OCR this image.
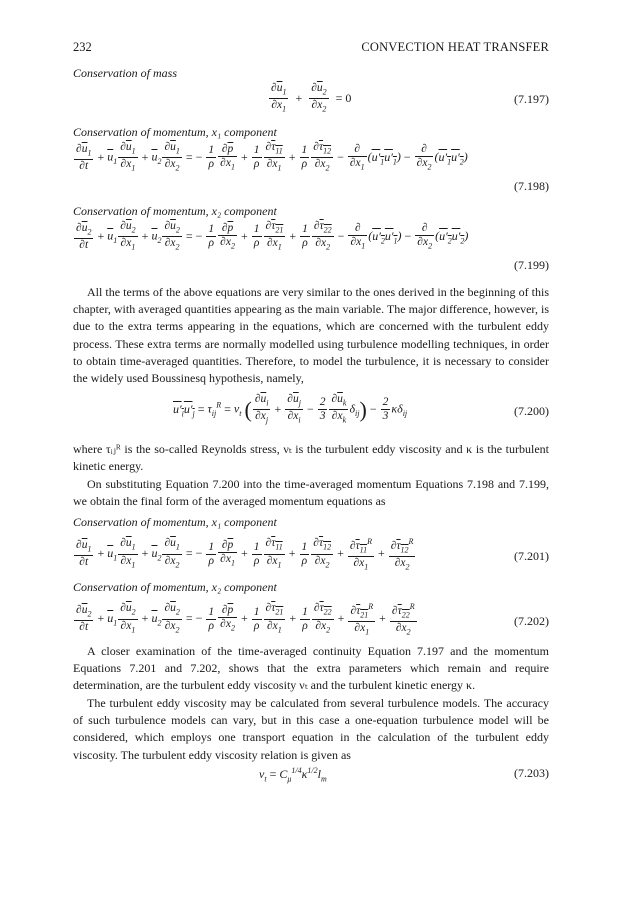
232	CONVECTION HEAT TRANSFER
Conservation of mass
$\frac{\partial\overline{u}_1}{\partial x_1} + \frac{\partial\overline{u}_2}{\partial x_2} = 0$	(7.197)
Conservation of momentum, x₁ component
$\frac{\partial\overline{u}_1}{\partial t} + \overline{u}_1 \frac{\partial\overline{u}_1}{\partial x_1} + \overline{u}_2 \frac{\partial\overline{u}_1}{\partial x_2}$ = − $\frac{1}{\rho} \frac{\partial\overline{p}}{\partial x_1} + \frac{1}{\rho} \frac{\partial\tau_{11}}{\partial x_1} + \frac{1}{\rho} \frac{\partial\tau_{12}}{\partial x_2} - \frac{\partial}{\partial x_1} (u'_1u'_1) - \frac{\partial}{\partial x_2} (u'_1u'_2)$
(7.198)
Conservation of momentum, x₂ component
$\frac{\partial\overline{u}_2}{\partial t} + \overline{u}_1 \frac{\partial\overline{u}_2}{\partial x_1} + \overline{u}_2 \frac{\partial\overline{u}_2}{\partial x_2}$ = − $\frac{1}{\rho} \frac{\partial\overline{p}}{\partial x_2} + \frac{1}{\rho} \frac{\partial\tau_{21}}{\partial x_1} + \frac{1}{\rho} \frac{\partial\tau_{22}}{\partial x_2} - \frac{\partial}{\partial x_1} (u'_2u'_1) - \frac{\partial}{\partial x_2} (u'_2u'_2)$
(7.199)
All the terms of the above equations are very similar to the ones derived in the beginning of this chapter, with averaged quantities appearing as the main variable. The major difference, however, is due to the extra terms appearing in the equations, which are concerned with the turbulent eddy process. These extra terms are normally modelled using turbulence modelling techniques, in order to obtain time-averaged quantities. Therefore, to model the turbulence, it is necessary to consider the widely used Boussinesq hypothesis, namely,
$u'_iu'_j = \tau_{ij}^R = \nu_t$ ( $\frac{\partial\overline{u}_i}{\partial x_j} + \frac{\partial\overline{u}_j}{\partial x_i} - \frac{2}{3} \frac{\partial\overline{u}_k}{\partial x_k} \delta_{ij}) - \frac{2}{3} \kappa\delta_{ij}$	(7.200)
where τᵢⱼᴿ is the so-called Reynolds stress, νₜ is the turbulent eddy viscosity and κ is the turbulent kinetic energy.
On substituting Equation 7.200 into the time-averaged momentum Equations 7.198 and 7.199, we obtain the final form of the averaged momentum equations as
Conservation of momentum, x₁ component
$\frac{\partial\overline{u}_1}{\partial t} + \overline{u}_1 \frac{\partial\overline{u}_1}{\partial x_1} + \overline{u}_2 \frac{\partial\overline{u}_1}{\partial x_2}$ = − $\frac{1}{\rho} \frac{\partial\overline{p}}{\partial x_1} + \frac{1}{\rho} \frac{\partial\tau_{11}}{\partial x_1} + \frac{1}{\rho} \frac{\partial\tau_{12}}{\partial x_2} + \frac{\partial\tau_{11}^R}{\partial x_1} + \frac{\partial\tau_{12}^R}{\partial x_2}$	(7.201)
Conservation of momentum, x₂ component
$\frac{\partial\overline{u}_2}{\partial t} + \overline{u}_1 \frac{\partial\overline{u}_2}{\partial x_1} + \overline{u}_2 \frac{\partial\overline{u}_2}{\partial x_2}$ = − $\frac{1}{\rho} \frac{\partial\overline{p}}{\partial x_2} + \frac{1}{\rho} \frac{\partial\tau_{21}}{\partial x_1} + \frac{1}{\rho} \frac{\partial\tau_{22}}{\partial x_2} + \frac{\partial\tau_{21}^R}{\partial x_1} + \frac{\partial\tau_{22}^R}{\partial x_2}$	(7.202)
A closer examination of the time-averaged continuity Equation 7.197 and the momentum Equations 7.201 and 7.202, shows that the extra parameters which remain and require determination, are the turbulent eddy viscosity νₜ and the turbulent kinetic energy κ.
The turbulent eddy viscosity may be calculated from several turbulence models. The accuracy of such turbulence models can vary, but in this case a one-equation turbulence model will be considered, which employs one transport equation in the calculation of the turbulent eddy viscosity. The turbulent eddy viscosity relation is given as
$\nu_t = C_\mu^{1/4}\kappa^{1/2}l_m$	(7.203)
